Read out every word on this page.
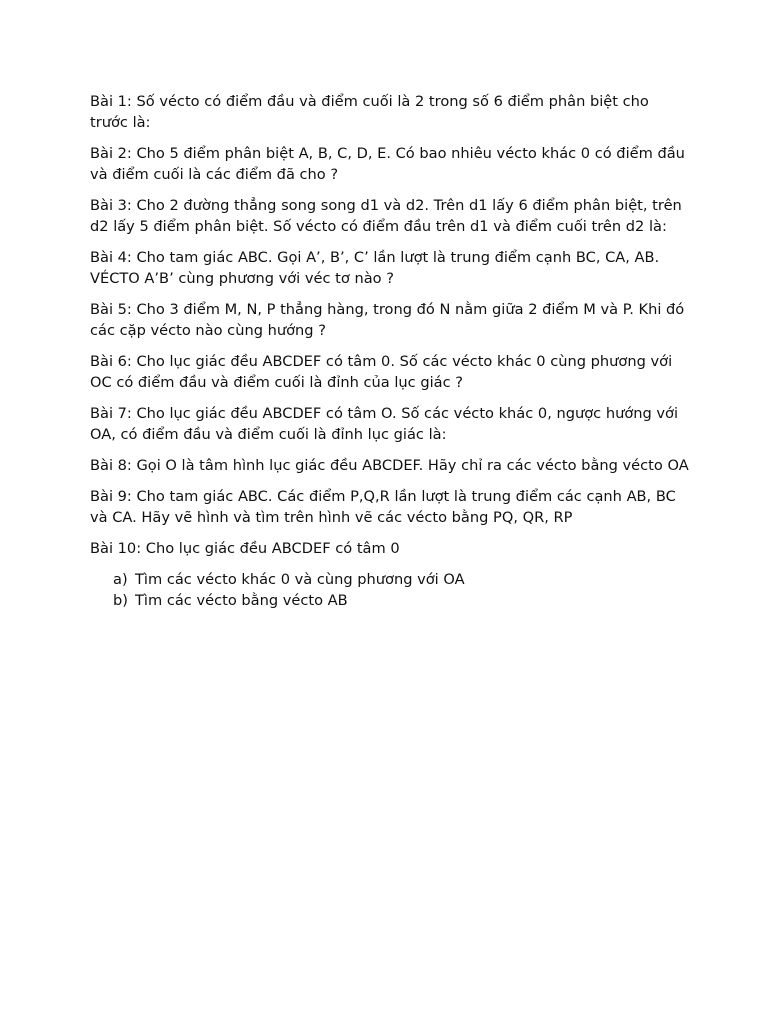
Bài 1: Số vécto có điểm đầu và điểm cuối là 2 trong số 6 điểm phân biệt cho trước là:

Bài 2: Cho 5 điểm phân biệt A, B, C, D, E. Có bao nhiêu vécto khác 0 có điểm đầu và điểm cuối là các điểm đã cho ?

Bài 3: Cho 2 đường thẳng song song d1 và d2. Trên d1 lấy 6 điểm phân biệt, trên d2 lấy 5 điểm phân biệt. Số vécto có điểm đầu trên d1 và điểm cuối trên d2 là:

Bài 4: Cho tam giác ABC. Gọi A’, B’, C’ lần lượt là trung điểm cạnh BC, CA, AB. VÉCTO A’B’ cùng phương với véc tơ nào ?

Bài 5: Cho 3 điểm M, N, P thẳng hàng, trong đó N nằm giữa 2 điểm M và P. Khi đó các cặp vécto nào cùng hướng ?

Bài 6: Cho lục giác đều ABCDEF có tâm 0. Số các vécto khác 0 cùng phương với OC có điểm đầu và điểm cuối là đỉnh của lục giác ?

Bài 7: Cho lục giác đều ABCDEF có tâm O. Số các vécto khác 0, ngược hướng với OA, có điểm đầu và điểm cuối là đỉnh lục giác là:

Bài 8: Gọi O là tâm hình lục giác đều ABCDEF. Hãy chỉ ra các vécto bằng vécto OA

Bài 9: Cho tam giác ABC. Các điểm P,Q,R lần lượt là trung điểm các cạnh AB, BC và CA. Hãy vẽ hình và tìm trên hình vẽ các vécto bằng PQ, QR, RP

Bài 10: Cho lục giác đều ABCDEF có tâm 0

a) Tìm các vécto khác 0 và cùng phương với OA
b) Tìm các vécto bằng vécto AB
